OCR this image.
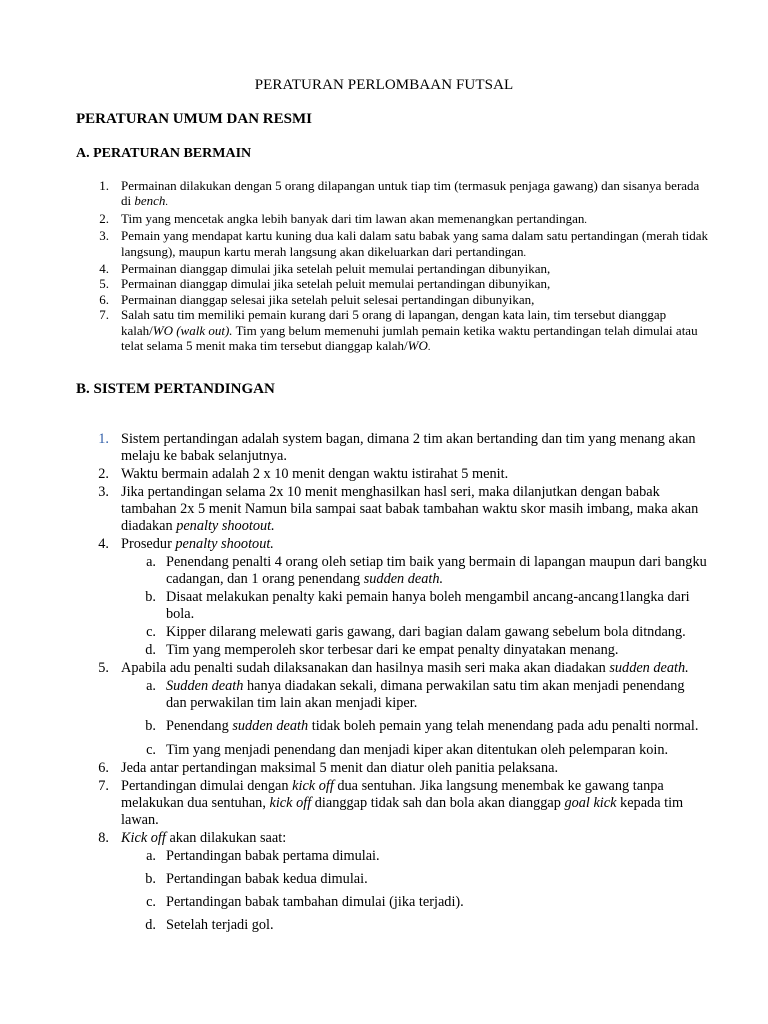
PERATURAN PERLOMBAAN FUTSAL
PERATURAN UMUM DAN RESMI
A. PERATURAN BERMAIN
1. Permainan dilakukan dengan 5 orang dilapangan untuk tiap tim (termasuk penjaga gawang) dan sisanya berada di bench.
2. Tim yang mencetak angka lebih banyak dari tim lawan akan memenangkan pertandingan.
3. Pemain yang mendapat kartu kuning dua kali dalam satu babak yang sama dalam satu pertandingan (merah tidak langsung), maupun kartu merah langsung akan dikeluarkan dari pertandingan.
4. Permainan dianggap dimulai jika setelah peluit memulai pertandingan dibunyikan,
5. Permainan dianggap dimulai jika setelah peluit memulai pertandingan dibunyikan,
6. Permainan dianggap selesai jika setelah peluit selesai pertandingan dibunyikan,
7. Salah satu tim memiliki pemain kurang dari 5 orang di lapangan, dengan kata lain, tim tersebut dianggap kalah/WO (walk out). Tim yang belum memenuhi jumlah pemain ketika waktu pertandingan telah dimulai atau telat selama 5 menit maka tim tersebut dianggap kalah/WO.
B. SISTEM PERTANDINGAN
1. Sistem pertandingan adalah system bagan, dimana 2 tim akan bertanding dan tim yang menang akan melaju ke babak selanjutnya.
2. Waktu bermain adalah 2 x 10 menit dengan waktu istirahat 5 menit.
3. Jika pertandingan selama 2x 10 menit menghasilkan hasl seri, maka dilanjutkan dengan babak tambahan 2x 5 menit Namun bila sampai saat babak tambahan waktu skor masih imbang, maka akan diadakan penalty shootout.
4. Prosedur penalty shootout.
a. Penendang penalti 4 orang oleh setiap tim baik yang bermain di lapangan maupun dari bangku cadangan, dan 1 orang penendang sudden death.
b. Disaat melakukan penalty kaki pemain hanya boleh mengambil ancang-ancang1langka dari bola.
c. Kipper dilarang melewati garis gawang, dari bagian dalam gawang sebelum bola ditndang.
d. Tim yang memperoleh skor terbesar dari ke empat penalty dinyatakan menang.
5. Apabila adu penalti sudah dilaksanakan dan hasilnya masih seri maka akan diadakan sudden death.
a. Sudden death hanya diadakan sekali, dimana perwakilan satu tim akan menjadi penendang dan perwakilan tim lain akan menjadi kiper.
b. Penendang sudden death tidak boleh pemain yang telah menendang pada adu penalti normal.
c. Tim yang menjadi penendang dan menjadi kiper akan ditentukan oleh pelemparan koin.
6. Jeda antar pertandingan maksimal 5 menit dan diatur oleh panitia pelaksana.
7. Pertandingan dimulai dengan kick off dua sentuhan. Jika langsung menembak ke gawang tanpa melakukan dua sentuhan, kick off dianggap tidak sah dan bola akan dianggap goal kick kepada tim lawan.
8. Kick off akan dilakukan saat:
a. Pertandingan babak pertama dimulai.
b. Pertandingan babak kedua dimulai.
c. Pertandingan babak tambahan dimulai (jika terjadi).
d. Setelah terjadi gol.
